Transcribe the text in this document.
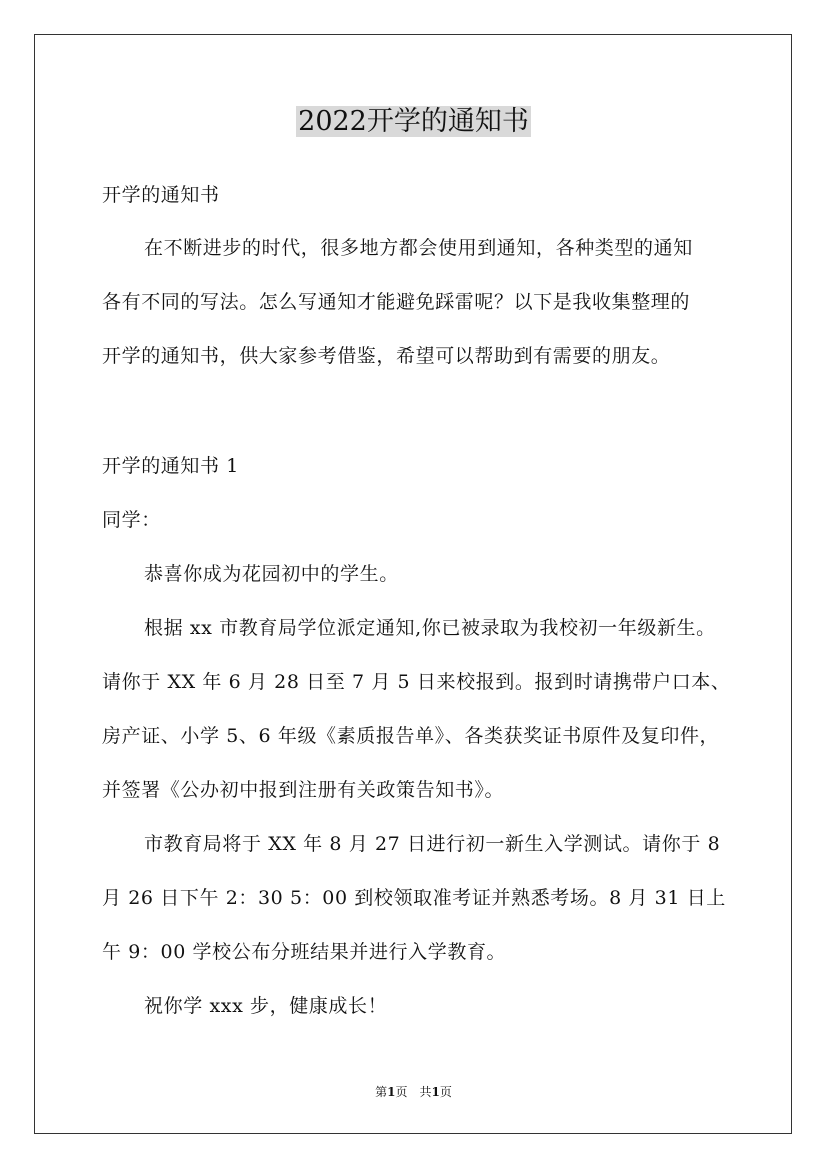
2022开学的通知书
开学的通知书
在不断进步的时代，很多地方都会使用到通知，各种类型的通知
各有不同的写法。怎么写通知才能避免踩雷呢？以下是我收集整理的
开学的通知书，供大家参考借鉴，希望可以帮助到有需要的朋友。
开学的通知书 1
同学：
恭喜你成为花园初中的学生。
根据 xx 市教育局学位派定通知,你已被录取为我校初一年级新生。
请你于 XX 年 6 月 28 日至 7 月 5 日来校报到。报到时请携带户口本、
房产证、小学 5、6 年级《素质报告单》、各类获奖证书原件及复印件，
并签署《公办初中报到注册有关政策告知书》。
市教育局将于 XX 年 8 月 27 日进行初一新生入学测试。请你于 8
月 26 日下午 2：30 5：00 到校领取准考证并熟悉考场。8 月 31 日上
午 9：00 学校公布分班结果并进行入学教育。
祝你学 xxx 步，健康成长！
第1页　共1页
